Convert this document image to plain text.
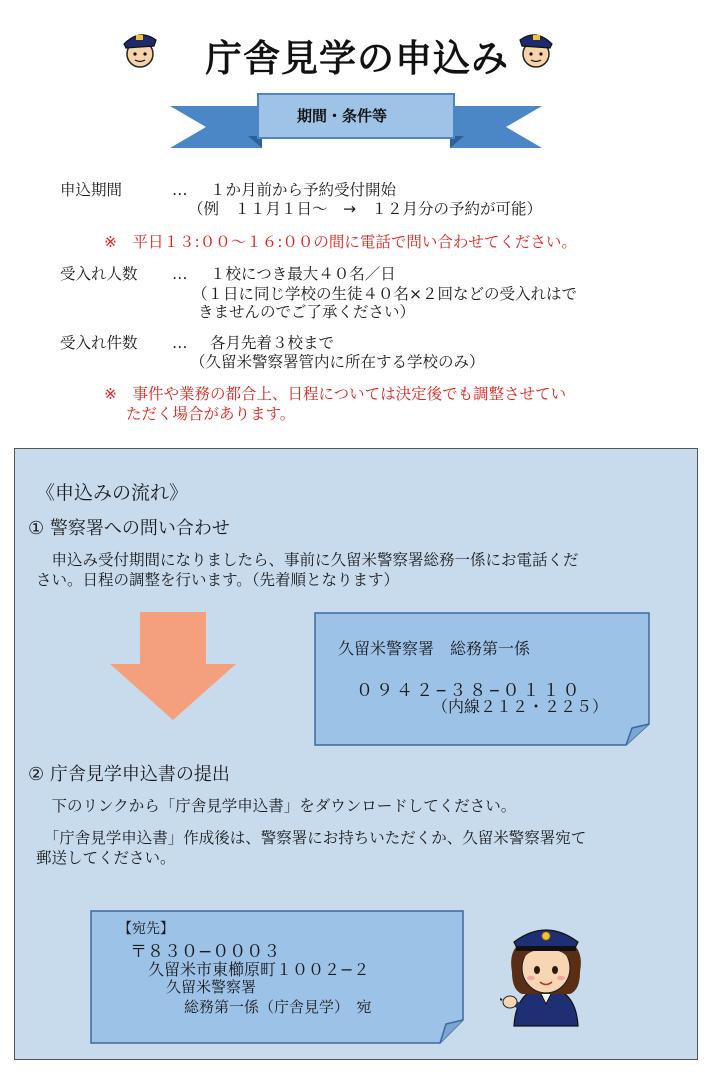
庁舎見学の申込み
期間・条件等
申込期間	… １か月前から予約受付開始
（例　１１月１日～　→　１２月分の予約が可能）
※　平日１３:００～１６:００の間に電話で問い合わせてください。
受入れ人数 … １校につき最大４０名／日
（１日に同じ学校の生徒４０名×２回などの受入れはで
きませんのでご了承ください）
受入れ件数 … 各月先着３校まで
（久留米警察署管内に所在する学校のみ）
※　事件や業務の都合上、日程については決定後でも調整させてい
ただく場合があります。
《申込みの流れ》
① 警察署への問い合わせ
　申込み受付期間になりましたら、事前に久留米警察署総務一係にお電話くだ
さい。日程の調整を行います。（先着順となります）
久留米警察署　総務第一係
０９４２−３８−０１１０
（内線２１２・２２５）
② 庁舎見学申込書の提出
　下のリンクから「庁舎見学申込書」をダウンロードしてください。
　「庁舎見学申込書」作成後は、警察署にお持ちいただくか、久留米警察署宛て
郵送してください。
【宛先】
〒８３０−０００３
久留米市東櫛原町１００２−２
久留米警察署
総務第一係（庁舎見学）　宛
